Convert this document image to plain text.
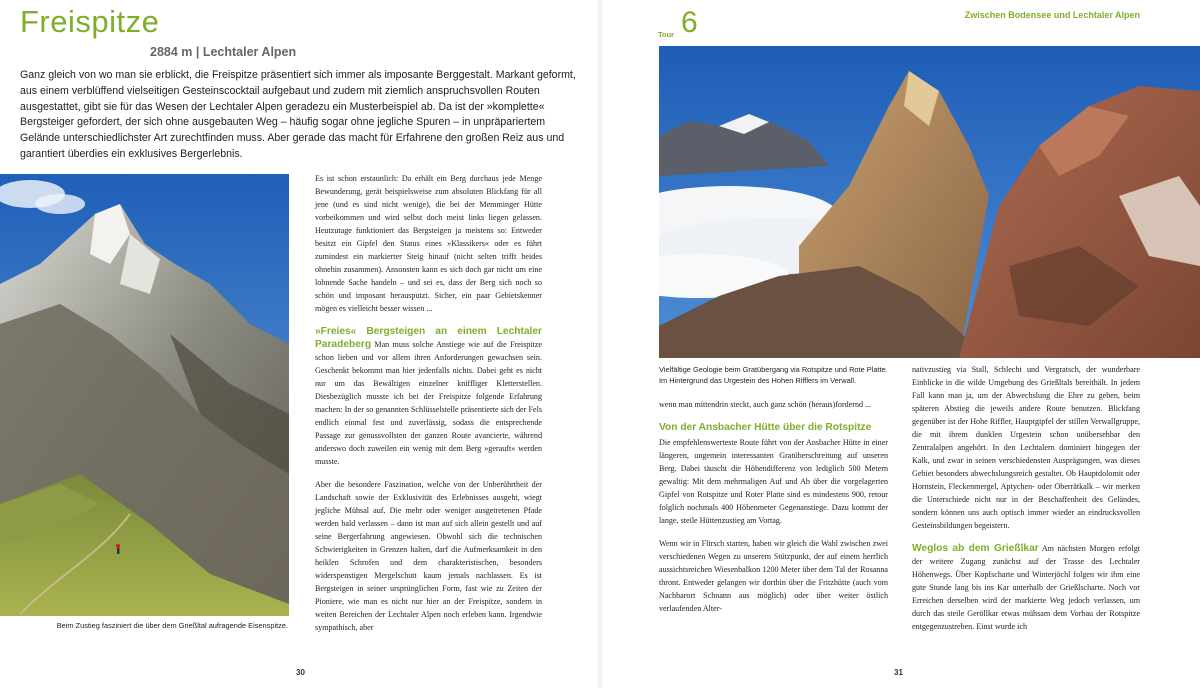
Freispitze
2884 m | Lechtaler Alpen
Ganz gleich von wo man sie erblickt, die Freispitze präsentiert sich immer als imposante Berggestalt. Markant geformt, aus einem verblüffend vielseitigen Gesteinscocktail aufgebaut und zudem mit ziemlich anspruchsvollen Routen ausgestattet, gibt sie für das Wesen der Lechtaler Alpen geradezu ein Musterbeispiel ab. Da ist der »komplette« Bergsteiger gefordert, der sich ohne ausgebauten Weg – häufig sogar ohne jegliche Spuren – in unpräpariertem Gelände unterschiedlichster Art zurechtfinden muss. Aber gerade das macht für Erfahrene den großen Reiz aus und garantiert überdies ein exklusives Bergerlebnis.
Beim Zustieg fasziniert die über dem Grießltal aufragende Eisenspitze.

Es ist schon erstaunlich: Da erhält ein Berg durchaus jede Menge Bewunderung, gerät beispielsweise zum absoluten Blickfang für all jene (und es sind nicht wenige), die bei der Memminger Hütte vorbeikommen und wird selbst doch meist links liegen gelassen. Heutzutage funktioniert das Bergsteigen ja meistens so: Entweder besitzt ein Gipfel den Status eines »Klassikers« oder es führt zumindest ein markierter Steig hinauf (nicht selten trifft beides ohnehin zusammen). Ansonsten kann es sich doch gar nicht um eine lohnende Sache handeln – und sei es, dass der Berg sich noch so schön und imposant herausputzt. Sicher, ein paar Gebietskenner mögen es vielleicht besser wissen ...

»Freies« Bergsteigen an einem Lechtaler Paradeberg Man muss solche Anstiege wie auf die Freispitze schon lieben und vor allem ihren Anforderungen gewachsen sein. Geschenkt bekommt man hier jedenfalls nichts. Dabei geht es nicht nur um das Bewältigen einzelner kniffliger Kletterstellen. Diesbezüglich musste ich bei der Freispitze folgende Erfahrung machen: In der so genannten Schlüsselstelle präsentierte sich der Fels endlich einmal fest und zuverlässig, sodass die entsprechende Passage zur genussvollsten der ganzen Route avancierte, während anderswo doch zuweilen ein wenig mit dem Berg »gerauft« werden musste.

Aber die besondere Faszination, welche von der Unberührtheit der Landschaft sowie der Exklusivität des Erlebnisses ausgeht, wiegt jegliche Mühsal auf. Die mehr oder weniger ausgetretenen Pfade werden bald verlassen – dann ist man auf sich allein gestellt und auf seine Bergerfahrung angewiesen. Obwohl sich die technischen Schwierigkeiten in Grenzen halten, darf die Aufmerksamkeit in den heiklen Schrofen und dem charakteristischen, besonders widerspenstigen Mergelschutt kaum jemals nachlassen. Es ist Bergsteigen in seiner ursprünglichen Form, fast wie zu Zeiten der Pioniere, wie man es nicht nur hier an der Freispitze, sondern in weiten Bereichen der Lechtaler Alpen noch erleben kann. Irgendwie sympathisch, aber

30
Tour 6	Zwischen Bodensee und Lechtaler Alpen
Vielfältige Geologie beim Gratübergang via Rotspitze und Rote Platte. Im Hintergrund das Urgestein des Hohen Rifflers im Verwall.

wenn man mittendrin steckt, auch ganz schön (heraus)fordernd ...

Von der Ansbacher Hütte über die Rotspitze

Die empfehlenswerteste Route führt von der Ansbacher Hütte in einer längeren, ungemein interessanten Gratüberschreitung auf unseren Berg. Dabei täuscht die Höhendifferenz von lediglich 500 Metern gewaltig: Mit dem mehrmaligen Auf und Ab über die vorgelagerten Gipfel von Rotspitze und Roter Platte sind es mindestens 900, retour folglich nochmals 400 Höhenmeter Gegenanstiege. Dazu kommt der lange, steile Hüttenzustieg am Vortag.

Wenn wir in Flirsch starten, haben wir gleich die Wahl zwischen zwei verschiedenen Wegen zu unserem Stützpunkt, der auf einem herrlich aussichtsreichen Wiesenbalkon 1200 Meter über dem Tal der Rosanna thront. Entweder gelangen wir dorthin über die Fritzhütte (auch vom Nachbarort Schnann aus möglich) oder über weiter östlich verlaufenden Alter-

nativzustieg via Stall, Schlecht und Vergratsch, der wunderbare Einblicke in die wilde Umgebung des Grießltals bereithält. In jedem Fall kann man ja, um der Abwechslung die Ehre zu geben, beim späteren Abstieg die jeweils andere Route benutzen. Blickfang gegenüber ist der Hohe Riffler, Hauptgipfel der stillen Verwallgruppe, die mit ihrem dunklen Urgestein schon unübersehbar den Zentralalpen angehört. In den Lechtalern dominiert hingegen der Kalk, und zwar in seinen verschiedensten Ausprägungen, was dieses Gebiet besonders abwechslungsreich gestaltet. Ob Hauptdolomit oder Hornstein, Fleckenmergel, Aptychen- oder Oberrätkalk – wir merken die Unterschiede nicht nur in der Beschaffenheit des Geländes, sondern können uns auch optisch immer wieder an eindrucksvollen Gesteinsbildungen begeistern.

Weglos ab dem Grießlkar Am nächsten Morgen erfolgt der weitere Zugang zunächst auf der Trasse des Lechtaler Höhenwegs. Über Kopfscharte und Winterjöchl folgen wir ihm eine gute Stunde lang bis ins Kar unterhalb der Grießlscharte. Noch vor Erreichen derselben wird der markierte Weg jedoch verlassen, um durch das steile Geröllkar etwas mühsam dem Vorbau der Rotspitze entgegenzustreben. Einst wurde ich

31
